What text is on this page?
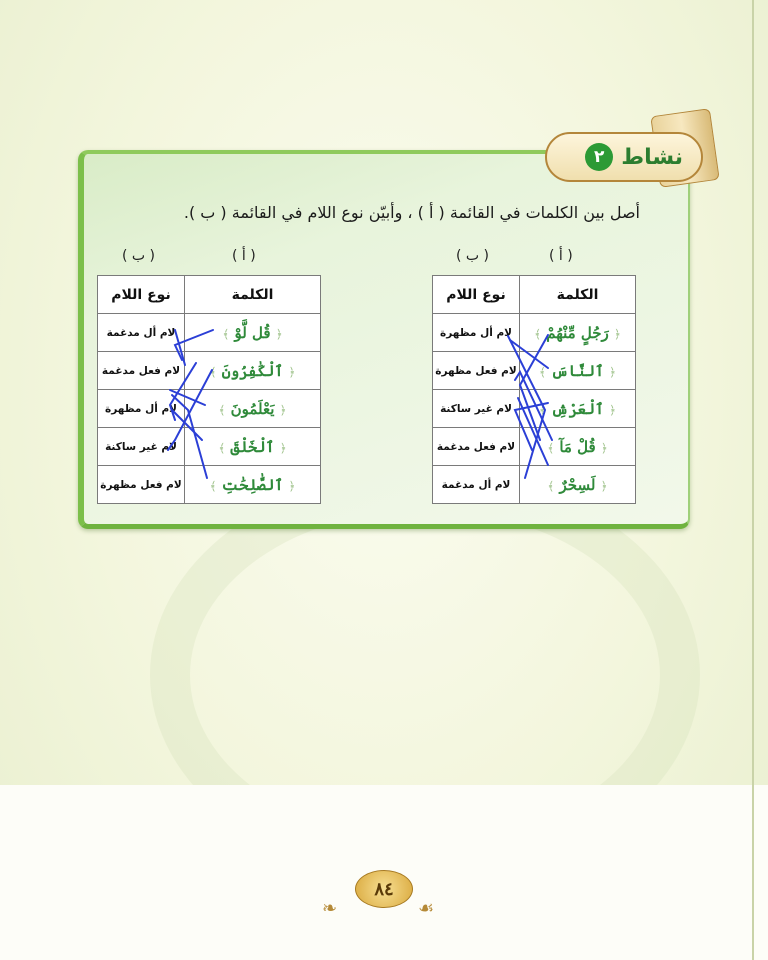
نشاط
٢
أصل بين الكلمات في القائمة ( أ ) ، وأبيّن نوع اللام في القائمة ( ب ).
( أ )
( ب )
( أ )
( ب )
الكلمة	نوع اللام
﴿ رَجُلٍ مِّنْهُمْ ﴾	لام أل مظهرة
﴿ ٱلنَّاسَ ﴾	لام فعل مظهرة
﴿ ٱلْعَرْشِ ﴾	لام غير ساكنة
﴿ قُلْ مَآ ﴾	لام فعل مدغمة
﴿ لَسِحْرٌ ﴾	لام أل مدغمة
الكلمة	نوع اللام
﴿ قُل لَّوْ ﴾	لام أل مدغمة
﴿ ٱلْكَٰفِرُونَ ﴾	لام فعل مدغمة
﴿ يَعْلَمُونَ ﴾	لام أل مظهرة
﴿ ٱلْخَلْقَ ﴾	لام غير ساكنة
﴿ ٱلصَّٰلِحَٰتِ ﴾	لام فعل مظهرة
❧
٨٤
☙
